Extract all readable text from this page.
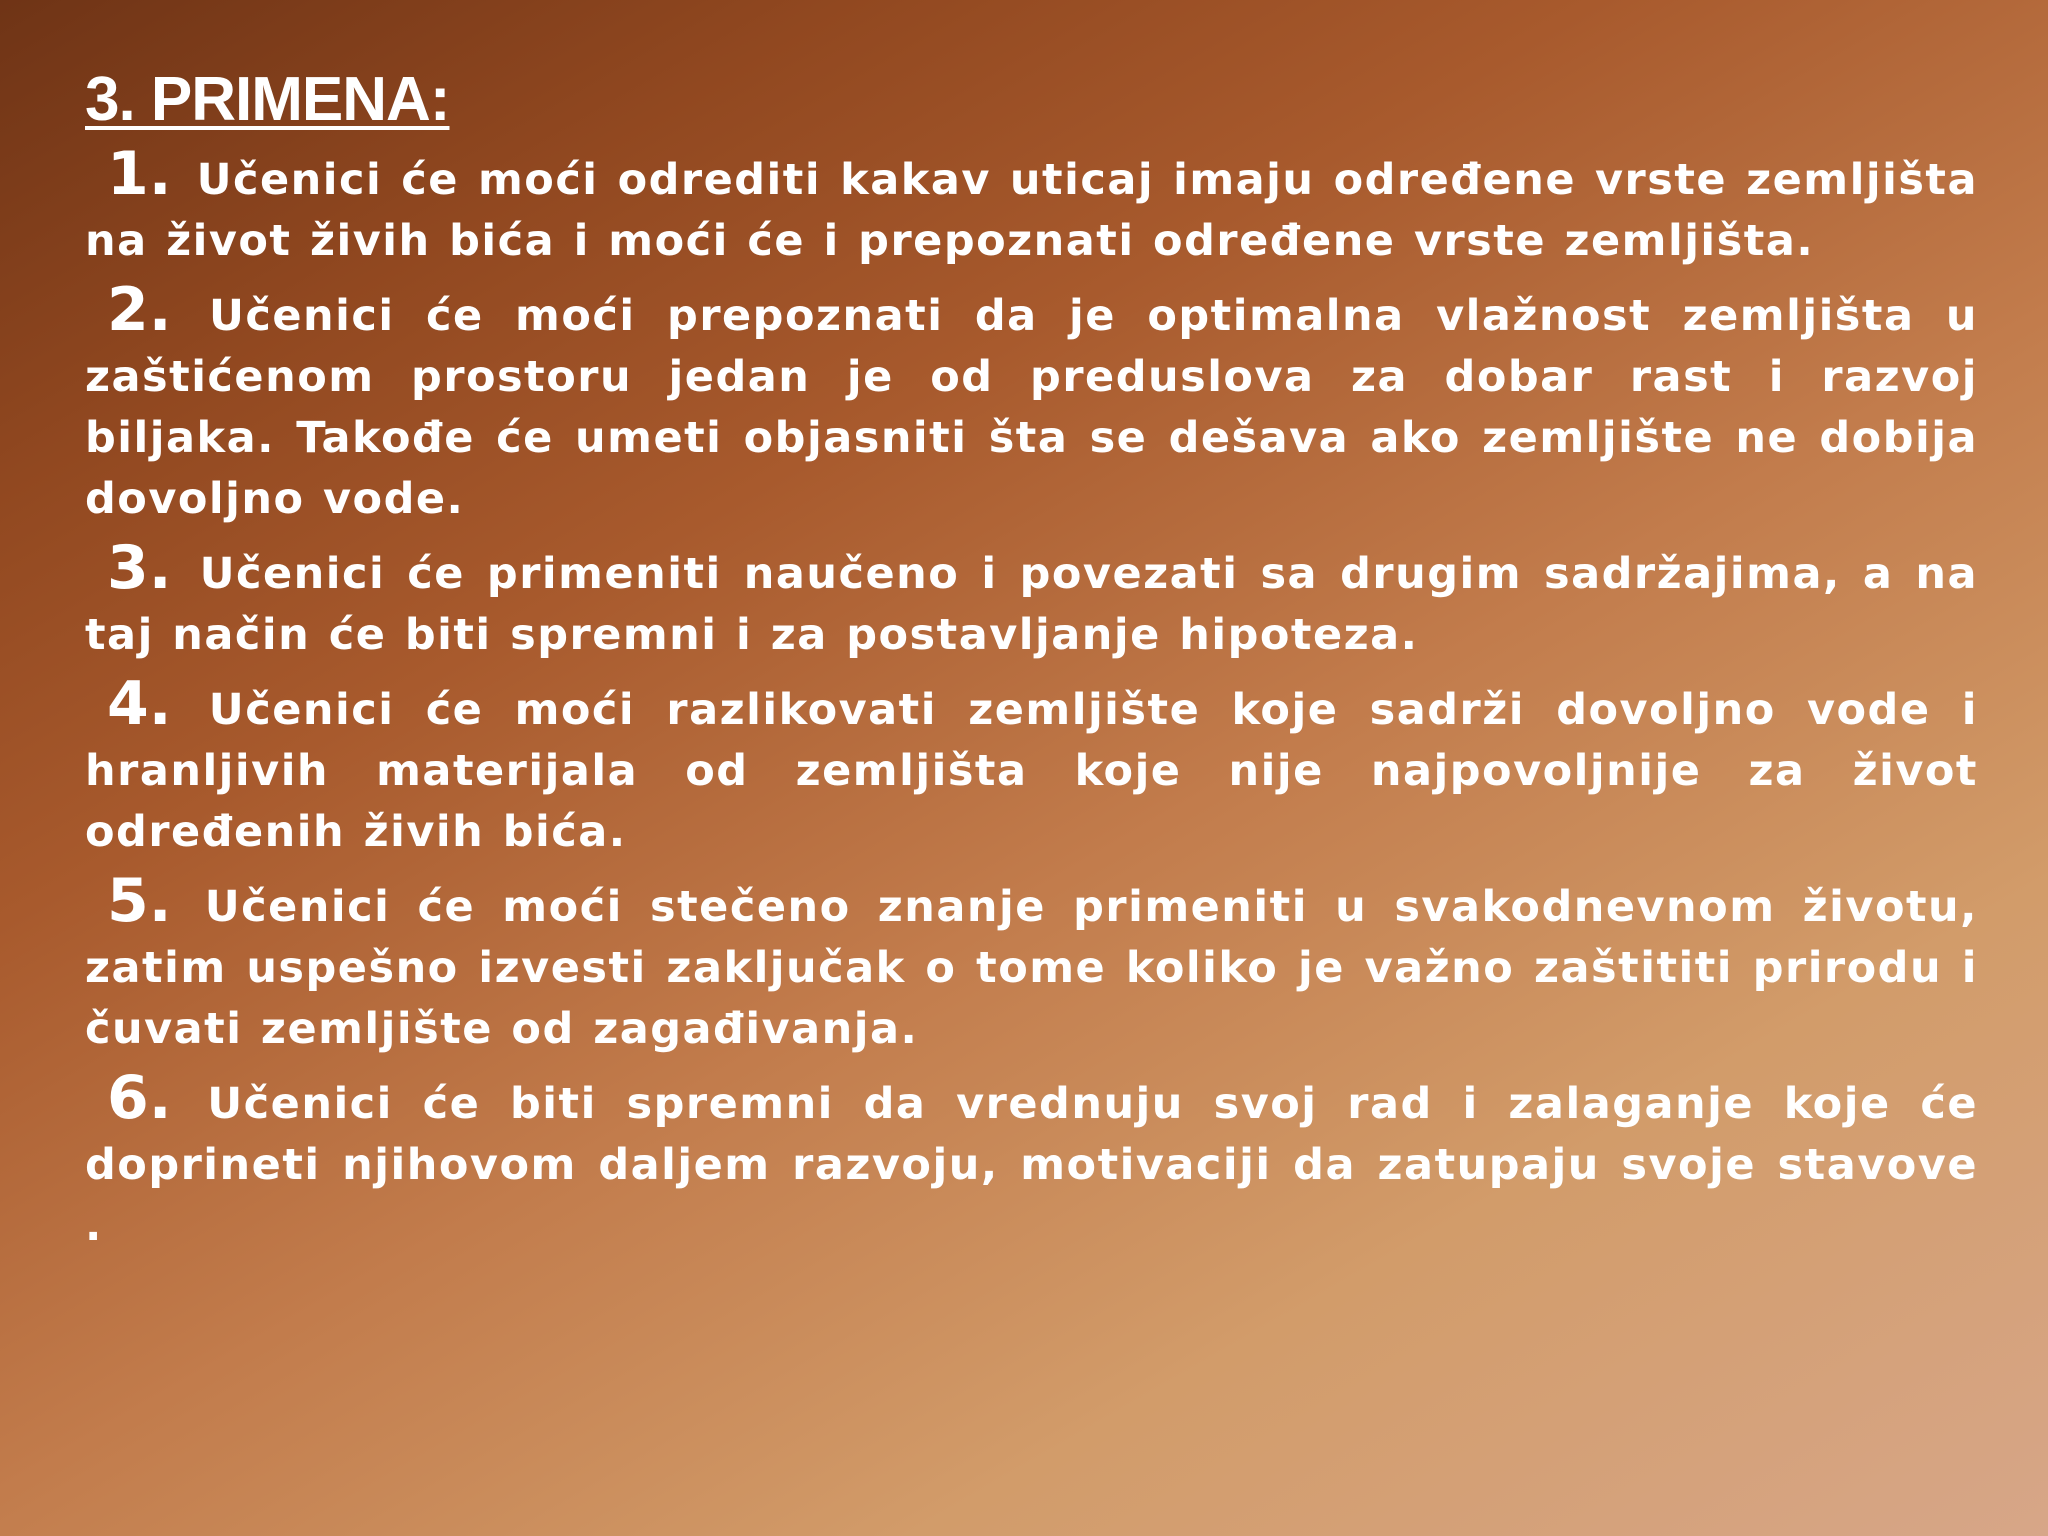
3. PRIMENA:

1. Učenici će moći odrediti kakav uticaj imaju određene vrste zemljišta na život živih bića i moći će i prepoznati određene vrste zemljišta.

2. Učenici će moći prepoznati da je optimalna vlažnost zemljišta u zaštićenom prostoru jedan je od preduslova za dobar rast i razvoj biljaka. Takođe će umeti objasniti šta se dešava ako zemljište ne dobija dovoljno vode.

3. Učenici će primeniti naučeno i povezati sa drugim sadržajima, a na taj način će biti spremni i za postavljanje hipoteza.

4. Učenici će moći razlikovati zemljište koje sadrži dovoljno vode i hranljivih materijala od zemljišta koje nije najpovoljnije za život određenih živih bića.

5. Učenici će moći stečeno znanje primeniti u svakodnevnom životu, zatim uspešno izvesti zaključak o tome koliko je važno zaštititi prirodu i čuvati zemljište od zagađivanja.

6. Učenici će biti spremni da vrednuju svoj rad i zalaganje koje će doprineti njihovom daljem razvoju, motivaciji da zatupaju svoje stavove .
